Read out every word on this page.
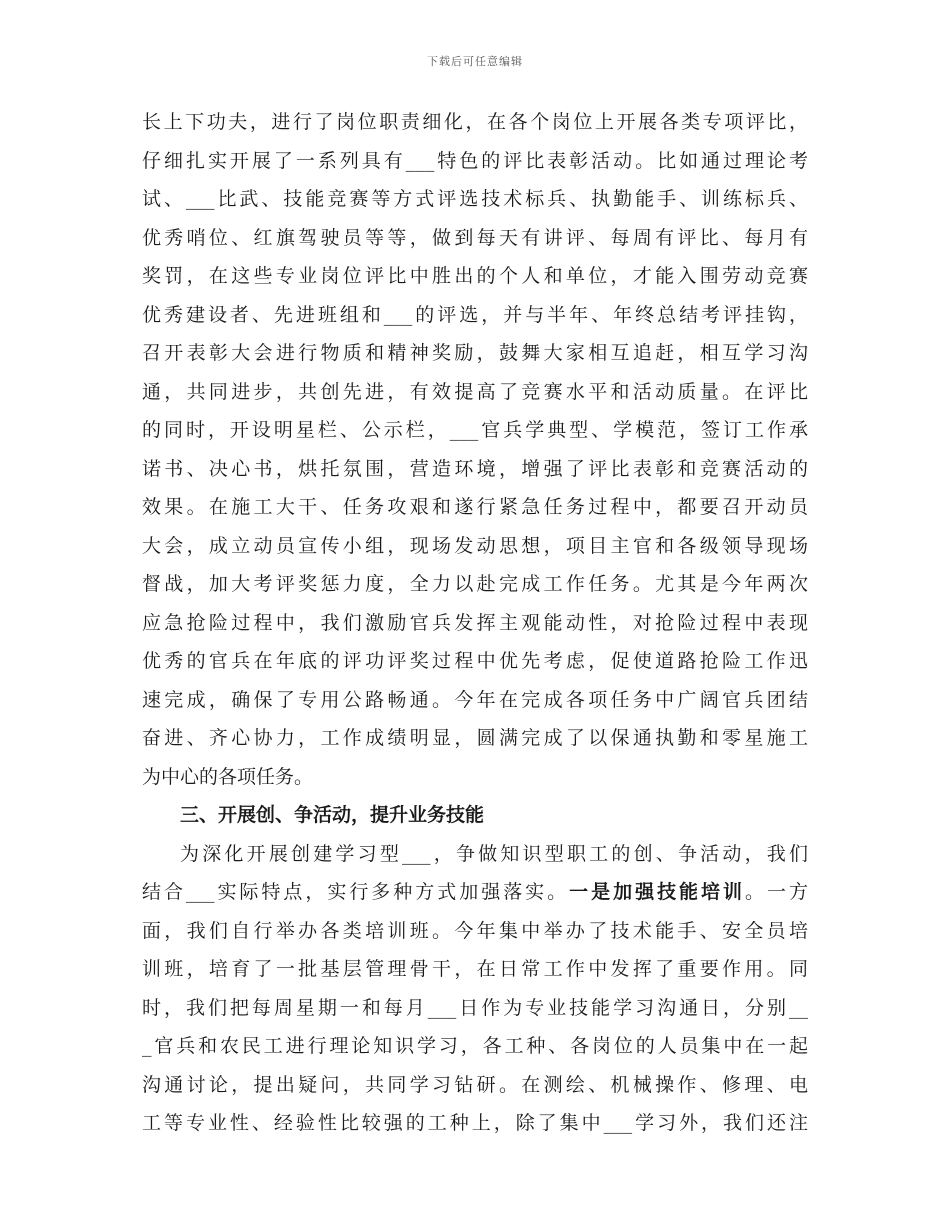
下载后可任意编辑
长上下功夫，进行了岗位职责细化，在各个岗位上开展各类专项评比，
仔细扎实开展了一系列具有___特色的评比表彰活动。比如通过理论考
试、___比武、技能竞赛等方式评选技术标兵、执勤能手、训练标兵、
优秀哨位、红旗驾驶员等等，做到每天有讲评、每周有评比、每月有
奖罚，在这些专业岗位评比中胜出的个人和单位，才能入围劳动竞赛
优秀建设者、先进班组和___的评选，并与半年、年终总结考评挂钩，
召开表彰大会进行物质和精神奖励，鼓舞大家相互追赶，相互学习沟
通，共同进步，共创先进，有效提高了竞赛水平和活动质量。在评比
的同时，开设明星栏、公示栏，___官兵学典型、学模范，签订工作承
诺书、决心书，烘托氛围，营造环境，增强了评比表彰和竞赛活动的
效果。在施工大干、任务攻艰和遂行紧急任务过程中，都要召开动员
大会，成立动员宣传小组，现场发动思想，项目主官和各级领导现场
督战，加大考评奖惩力度，全力以赴完成工作任务。尤其是今年两次
应急抢险过程中，我们激励官兵发挥主观能动性，对抢险过程中表现
优秀的官兵在年底的评功评奖过程中优先考虑，促使道路抢险工作迅
速完成，确保了专用公路畅通。今年在完成各项任务中广阔官兵团结
奋进、齐心协力，工作成绩明显，圆满完成了以保通执勤和零星施工
为中心的各项任务。
三、开展创、争活动，提升业务技能
为深化开展创建学习型___，争做知识型职工的创、争活动，我们
结合___实际特点，实行多种方式加强落实。一是加强技能培训。一方
面，我们自行举办各类培训班。今年集中举办了技术能手、安全员培
训班，培育了一批基层管理骨干，在日常工作中发挥了重要作用。同
时，我们把每周星期一和每月___日作为专业技能学习沟通日，分别__
_官兵和农民工进行理论知识学习，各工种、各岗位的人员集中在一起
沟通讨论，提出疑问，共同学习钻研。在测绘、机械操作、修理、电
工等专业性、经验性比较强的工种上，除了集中___学习外，我们还注
